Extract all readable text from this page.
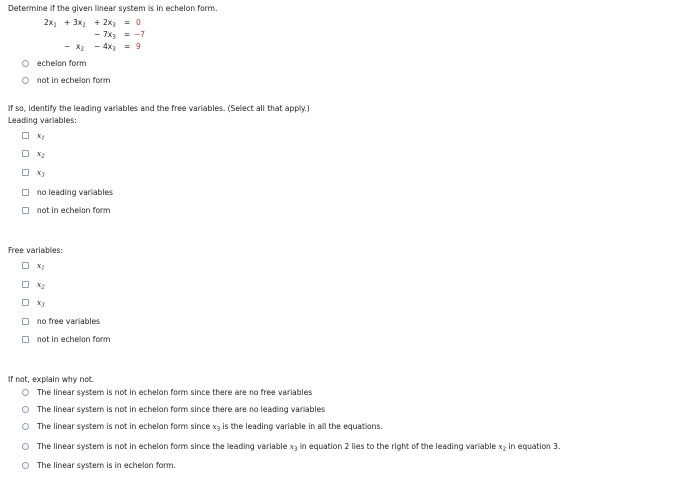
Determine if the given linear system is in echelon form.
$2x_1 + 3x_2 + 2x_3 = 0$
− $7x_3 = -7$
− $x_2 - 4x_3 = 9$
echelon form
not in echelon form
If so, identify the leading variables and the free variables. (Select all that apply.)
Leading variables:
$x_1$
$x_2$
$x_3$
no leading variables
not in echelon form
Free variables:
$x_1$
$x_2$
$x_3$
no free variables
not in echelon form
If not, explain why not.
The linear system is not in echelon form since there are no free variables
The linear system is not in echelon form since there are no leading variables
The linear system is not in echelon form since $x_3$ is the leading variable in all the equations.
The linear system is not in echelon form since the leading variable $x_3$ in equation 2 lies to the right of the leading variable $x_2$ in equation 3.
The linear system is in echelon form.
